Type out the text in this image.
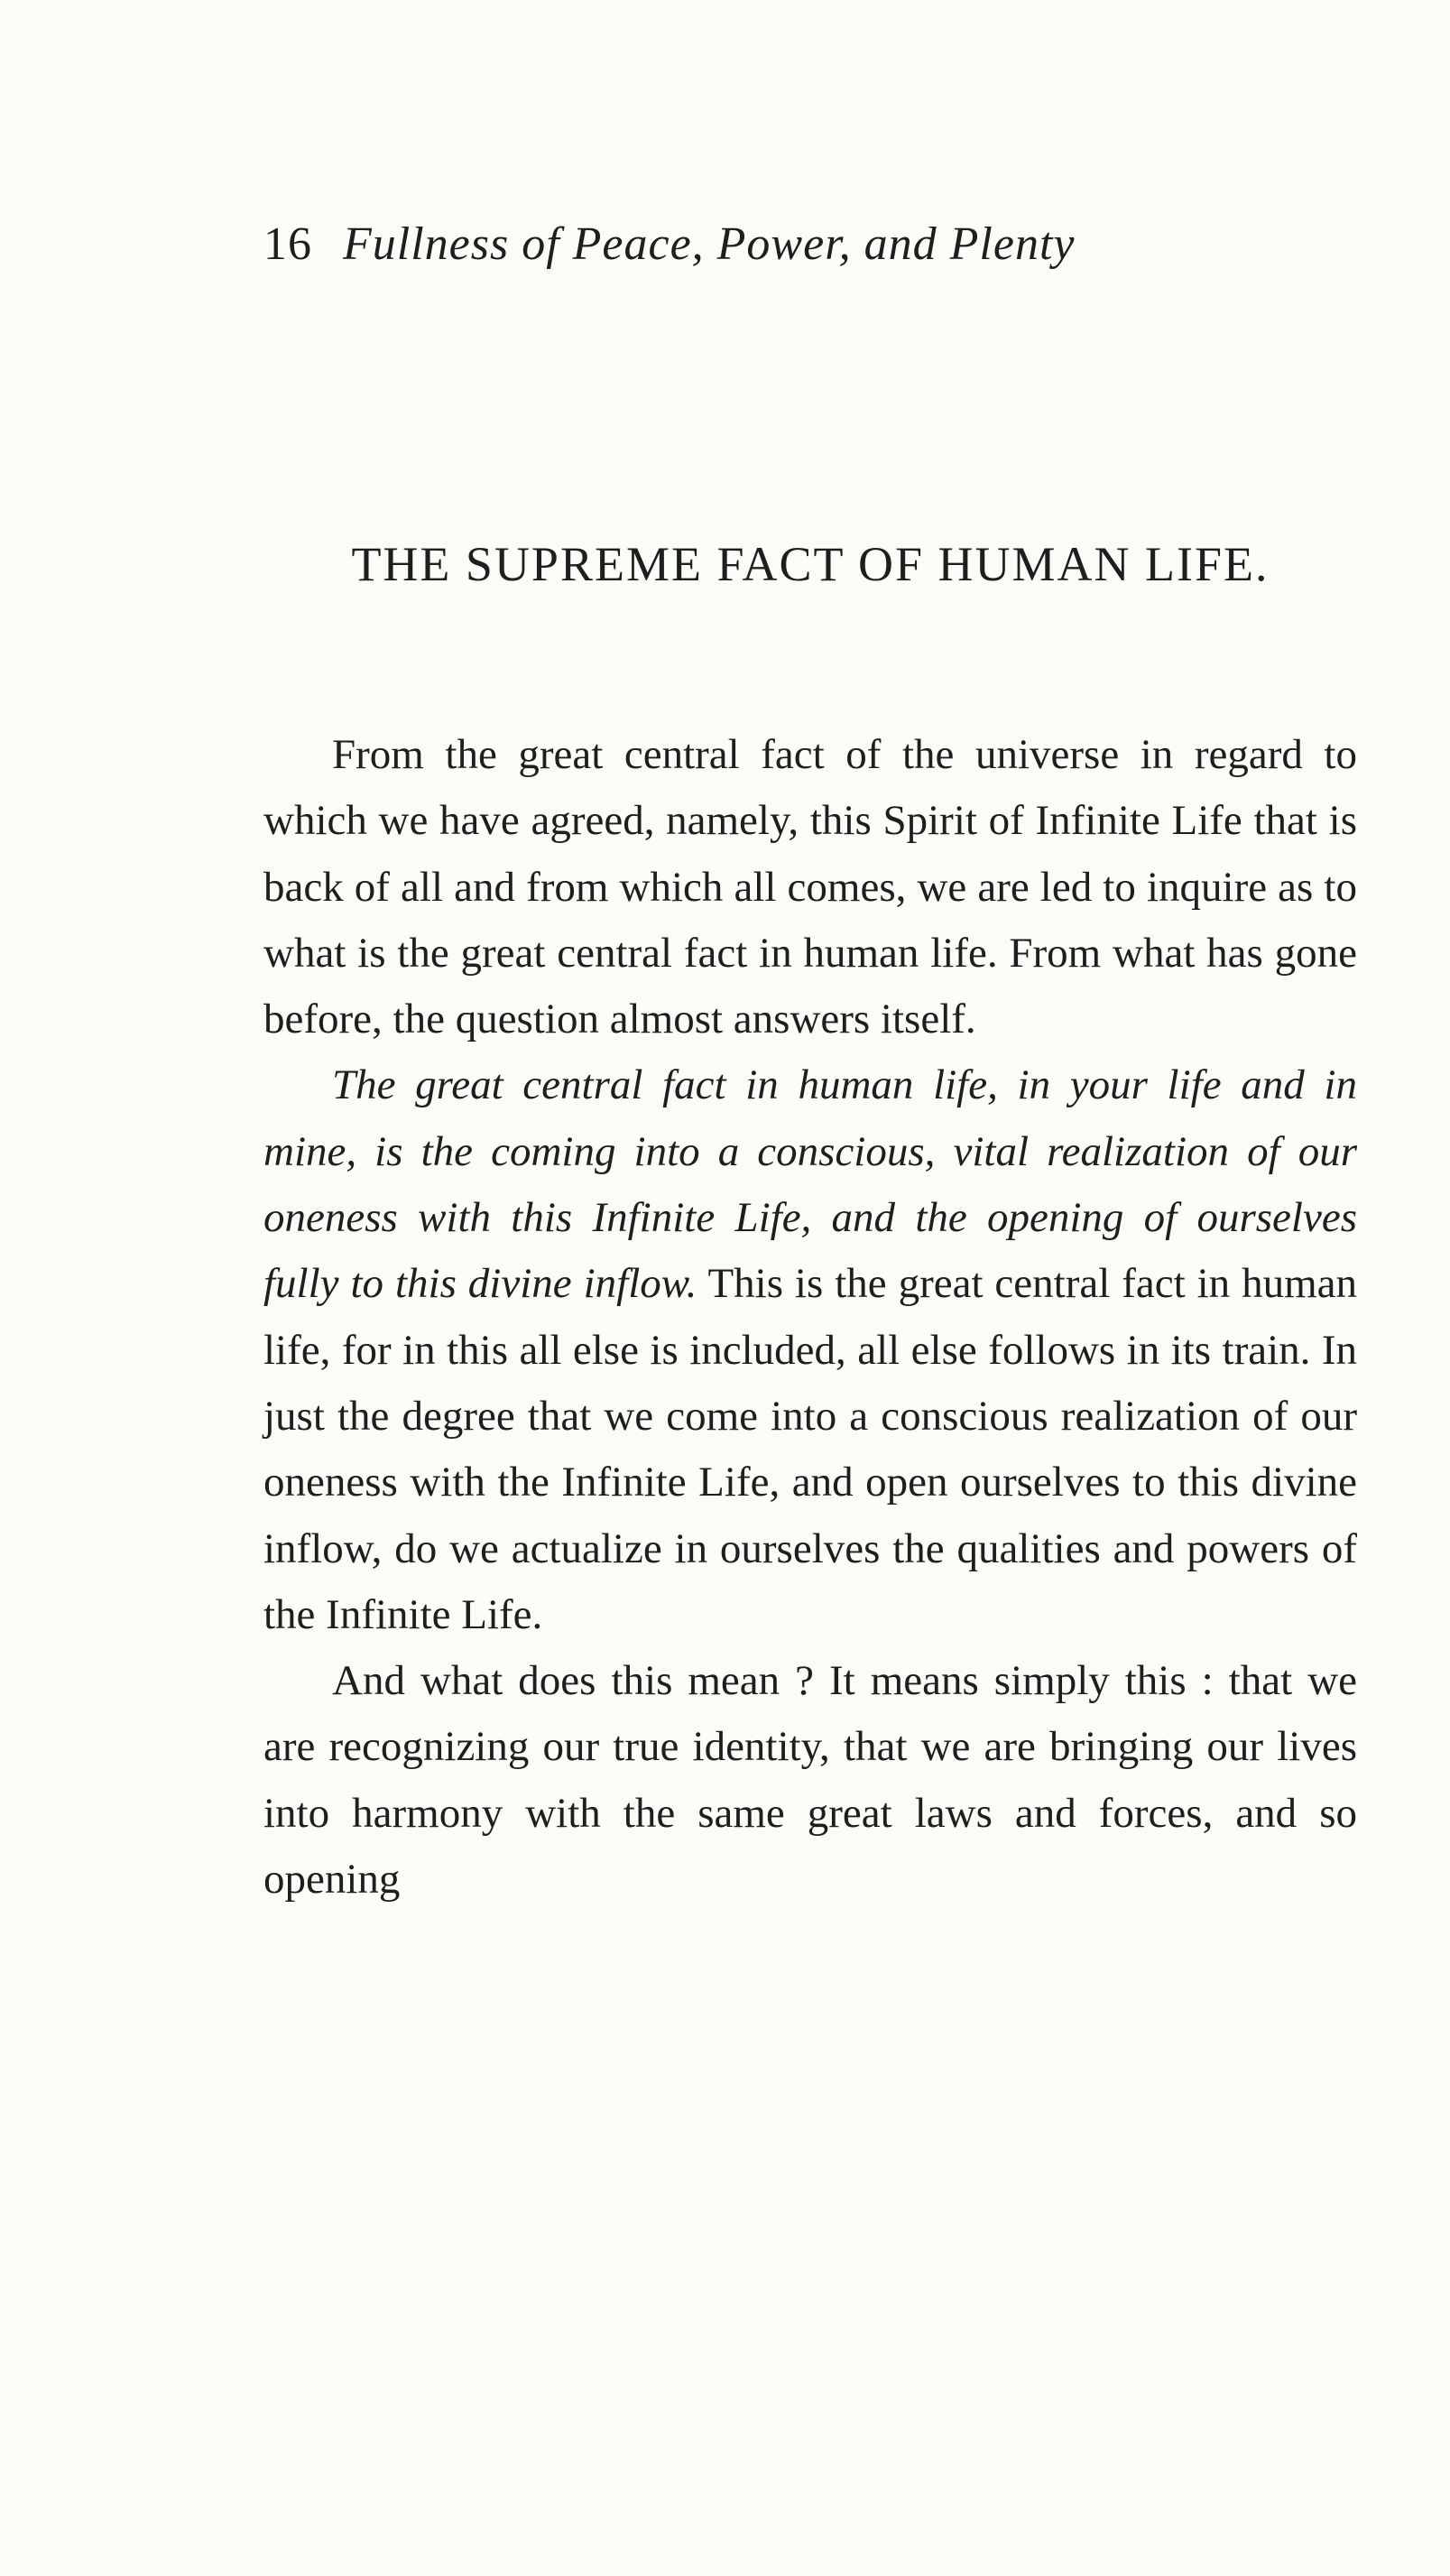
16 Fullness of Peace, Power, and Plenty
THE SUPREME FACT OF HUMAN LIFE.

From the great central fact of the universe in regard to which we have agreed, namely, this Spirit of Infinite Life that is back of all and from which all comes, we are led to inquire as to what is the great central fact in human life. From what has gone before, the question almost answers itself.

The great central fact in human life, in your life and in mine, is the coming into a conscious, vital realization of our oneness with this Infinite Life, and the opening of ourselves fully to this divine inflow. This is the great central fact in human life, for in this all else is included, all else follows in its train. In just the degree that we come into a conscious realization of our oneness with the Infinite Life, and open ourselves to this divine inflow, do we actualize in ourselves the qualities and powers of the Infinite Life.

And what does this mean ? It means simply this : that we are recognizing our true identity, that we are bringing our lives into harmony with the same great laws and forces, and so opening
